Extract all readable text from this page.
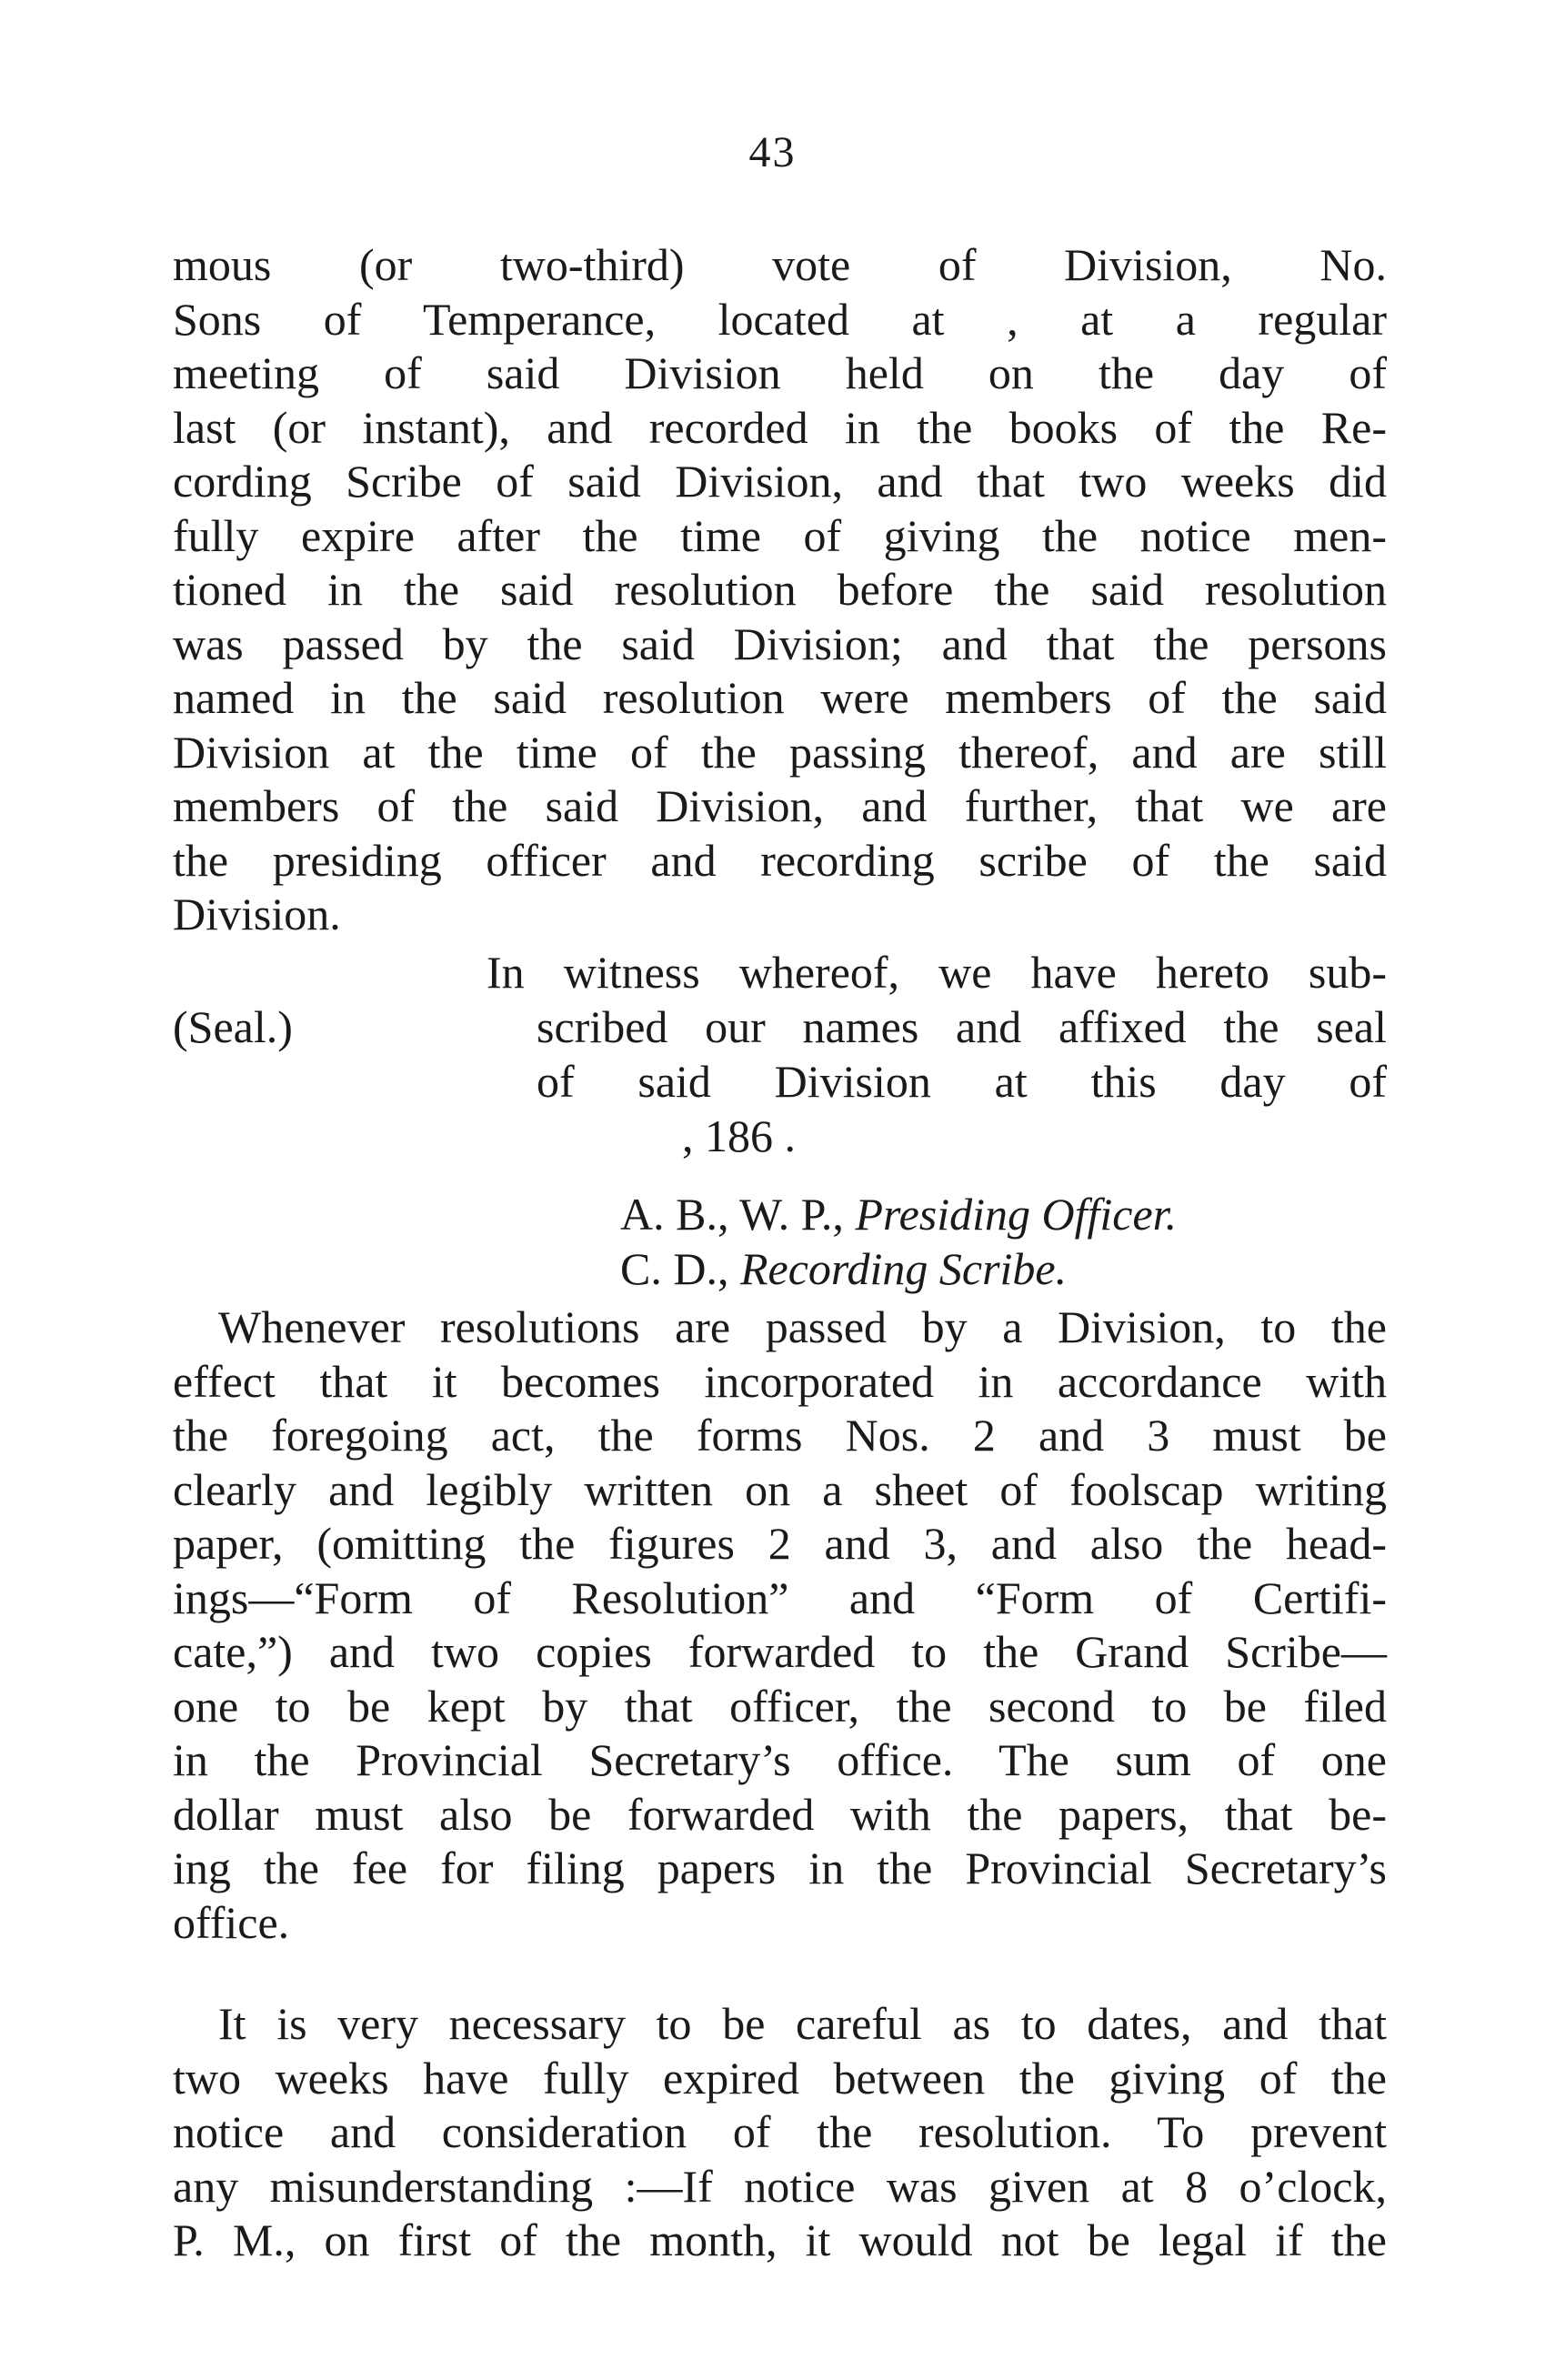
43
mous (or two-third) vote of Division, No.
Sons of Temperance, located at , at a regular
meeting of said Division held on the day of
last (or instant), and recorded in the books of the Re-
cording Scribe of said Division, and that two weeks did
fully expire after the time of giving the notice men-
tioned in the said resolution before the said resolution
was passed by the said Division; and that the persons
named in the said resolution were members of the said
Division at the time of the passing thereof, and are still
members of the said Division, and further, that we are
the presiding officer and recording scribe of the said
Division.
In witness whereof, we have hereto sub-
scribed our names and affixed the seal
of said Division at this day of
, 186 .
(Seal.)
A. B., W. P., Presiding Officer.
C. D., Recording Scribe.
Whenever resolutions are passed by a Division, to the
effect that it becomes incorporated in accordance with
the foregoing act, the forms Nos. 2 and 3 must be
clearly and legibly written on a sheet of foolscap writing
paper, (omitting the figures 2 and 3, and also the head-
ings—“Form of Resolution” and “Form of Certifi-
cate,”) and two copies forwarded to the Grand Scribe—
one to be kept by that officer, the second to be filed
in the Provincial Secretary’s office. The sum of one
dollar must also be forwarded with the papers, that be-
ing the fee for filing papers in the Provincial Secretary’s
office.
It is very necessary to be careful as to dates, and that
two weeks have fully expired between the giving of the
notice and consideration of the resolution. To prevent
any misunderstanding :—If notice was given at 8 o’clock,
P. M., on first of the month, it would not be legal if the
